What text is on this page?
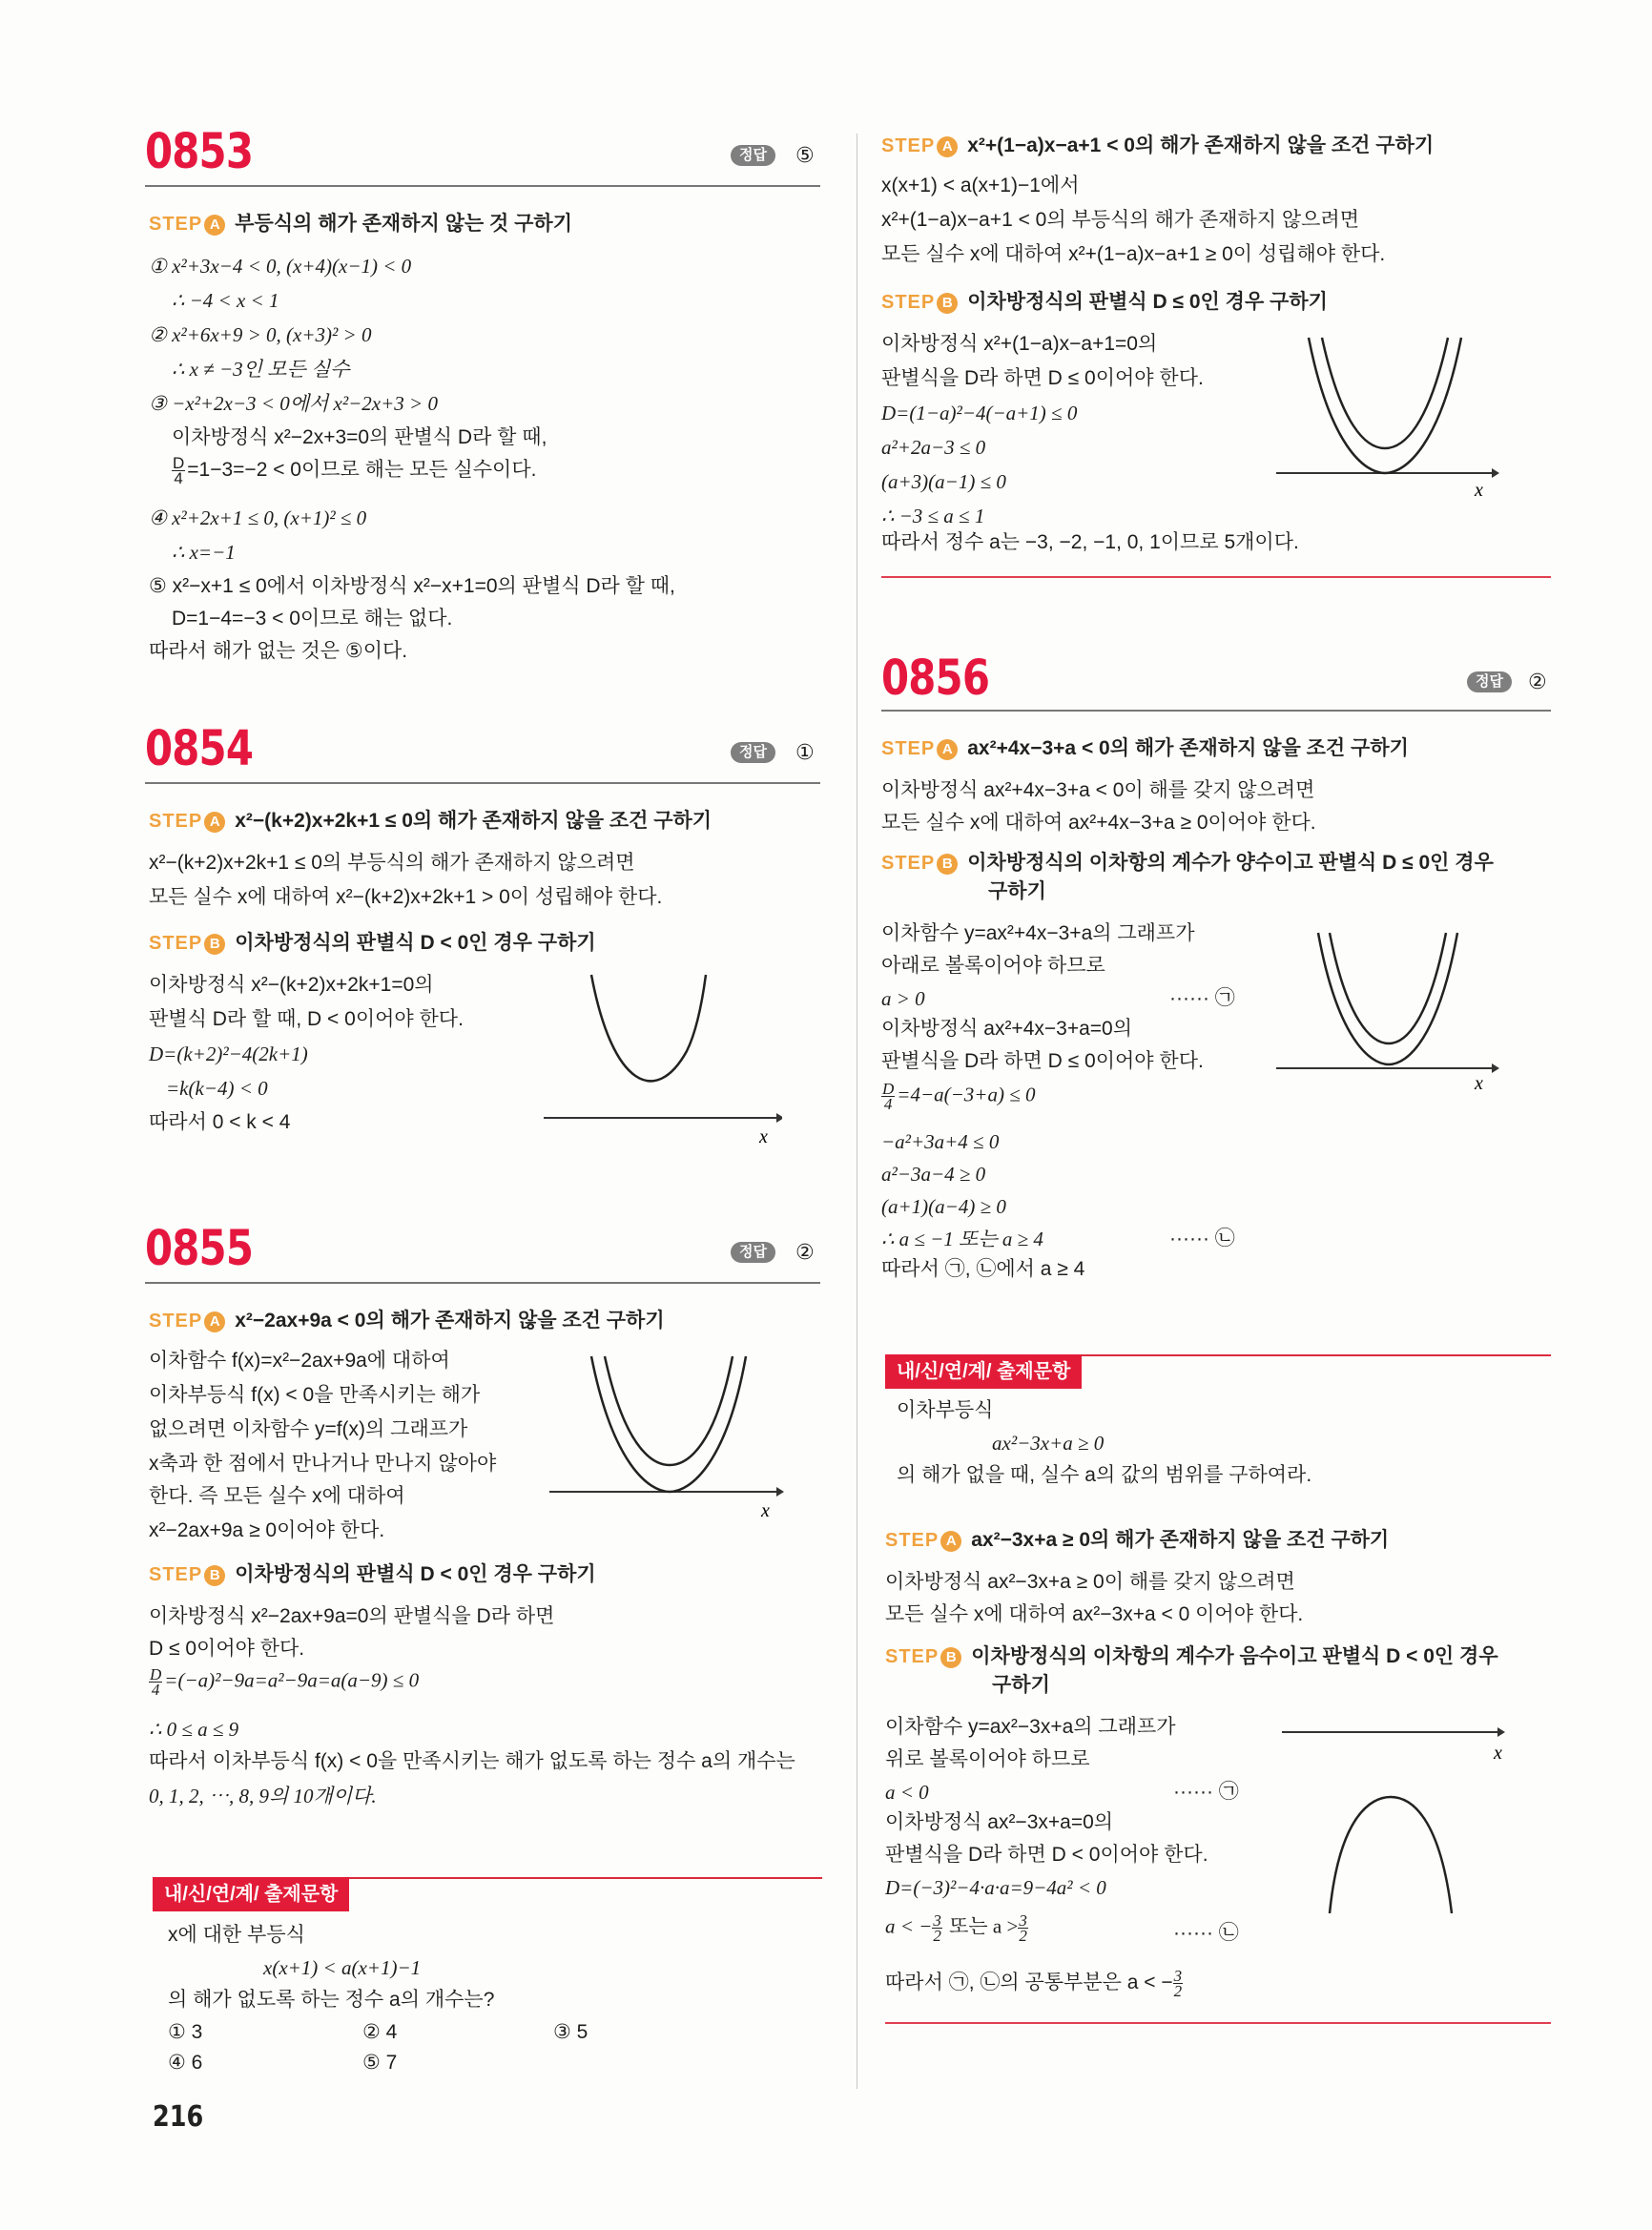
0853	정답	⑤
STEP A 부등식의 해가 존재하지 않는 것 구하기
① x²+3x−4 < 0, (x+4)(x−1) < 0
∴ −4 < x < 1
② x²+6x+9 > 0, (x+3)² > 0
∴ x ≠ −3인 모든 실수
③ −x²+2x−3 < 0에서 x²−2x+3 > 0
이차방정식 x²−2x+3=0의 판별식 D라 할 때,
$\frac{D}{4} =1-3=-2 < 0$이므로 해는 모든 실수이다.
④ x²+2x+1 ≤ 0, (x+1)² ≤ 0
∴ x=−1
⑤ x²−x+1 ≤ 0에서 이차방정식 x²−x+1=0의 판별식 D라 할 때,
D=1−4=−3 < 0이므로 해는 없다.
따라서 해가 없는 것은 ⑤이다.
0854	정답	①
STEP A x²−(k+2)x+2k+1 ≤ 0의 해가 존재하지 않을 조건 구하기
x²−(k+2)x+2k+1 ≤ 0의 부등식의 해가 존재하지 않으려면
모든 실수 x에 대하여 x²−(k+2)x+2k+1 > 0이 성립해야 한다.
STEP B 이차방정식의 판별식 D < 0인 경우 구하기
이차방정식 x²−(k+2)x+2k+1=0의
판별식 D라 할 때, D < 0이어야 한다.
D=(k+2)²−4(2k+1)
=k(k−4) < 0
따라서 0 < k < 4
x
0855	정답	②
STEP A x²−2ax+9a < 0의 해가 존재하지 않을 조건 구하기
이차함수 f(x)=x²−2ax+9a에 대하여
이차부등식 f(x) < 0을 만족시키는 해가
없으려면 이차함수 y=f(x)의 그래프가
x축과 한 점에서 만나거나 만나지 않아야
한다. 즉 모든 실수 x에 대하여
x²−2ax+9a ≥ 0이어야 한다.
x
STEP B 이차방정식의 판별식 D < 0인 경우 구하기
이차방정식 x²−2ax+9a=0의 판별식을 D라 하면
D ≤ 0이어야 한다.
$\frac{D}{4} =(-a)^2-9a=a^2-9a=a(a-9) \le 0$
∴ 0 ≤ a ≤ 9
따라서 이차부등식 f(x) < 0을 만족시키는 해가 없도록 하는 정수 a의 개수는
0, 1, 2, ⋯, 8, 9의 10개이다.
내/신/연/계/ 출제문항
x에 대한 부등식
x(x+1) < a(x+1)−1
의 해가 없도록 하는 정수 a의 개수는?
① 3	② 4	③ 5
④ 6	⑤ 7
216
STEP A x²+(1−a)x−a+1 < 0의 해가 존재하지 않을 조건 구하기
x(x+1) < a(x+1)−1에서
x²+(1−a)x−a+1 < 0의 부등식의 해가 존재하지 않으려면
모든 실수 x에 대하여 x²+(1−a)x−a+1 ≥ 0이 성립해야 한다.
STEP B 이차방정식의 판별식 D ≤ 0인 경우 구하기
이차방정식 x²+(1−a)x−a+1=0의
판별식을 D라 하면 D ≤ 0이어야 한다.
D=(1−a)²−4(−a+1) ≤ 0
a²+2a−3 ≤ 0
(a+3)(a−1) ≤ 0
∴ −3 ≤ a ≤ 1
따라서 정수 a는 −3, −2, −1, 0, 1이므로 5개이다.
x
0856	정답	②
STEP A ax²+4x−3+a < 0의 해가 존재하지 않을 조건 구하기
이차방정식 ax²+4x−3+a < 0이 해를 갖지 않으려면
모든 실수 x에 대하여 ax²+4x−3+a ≥ 0이어야 한다.
STEP B 이차방정식의 이차항의 계수가 양수이고 판별식 D ≤ 0인 경우
구하기
이차함수 y=ax²+4x−3+a의 그래프가
아래로 볼록이어야 하므로
a > 0	······ ㉠
이차방정식 ax²+4x−3+a=0의
판별식을 D라 하면 D ≤ 0이어야 한다.
$\frac{D}{4} =4-a(-3+a) \le 0$
−a²+3a+4 ≤ 0
a²−3a−4 ≥ 0
(a+1)(a−4) ≥ 0
∴ a ≤ −1 또는 a ≥ 4	······ ㉡
따라서 ㉠, ㉡에서 a ≥ 4
x
내/신/연/계/ 출제문항
이차부등식
ax²−3x+a ≥ 0
의 해가 없을 때, 실수 a의 값의 범위를 구하여라.
STEP A ax²−3x+a ≥ 0의 해가 존재하지 않을 조건 구하기
이차방정식 ax²−3x+a ≥ 0이 해를 갖지 않으려면
모든 실수 x에 대하여 ax²−3x+a < 0 이어야 한다.
STEP B 이차방정식의 이차항의 계수가 음수이고 판별식 D < 0인 경우
구하기
이차함수 y=ax²−3x+a의 그래프가
위로 볼록이어야 하므로
a < 0	······ ㉠
이차방정식 ax²−3x+a=0의
판별식을 D라 하면 D < 0이어야 한다.
D=(−3)²−4·a·a=9−4a² < 0
a < − $\frac{3}{2}$ 또는 $a > \frac{3}{2}$	······ ㉡
따라서 ㉠, ㉡의 공통부분은 a < − $\frac{3}{2}$
x
